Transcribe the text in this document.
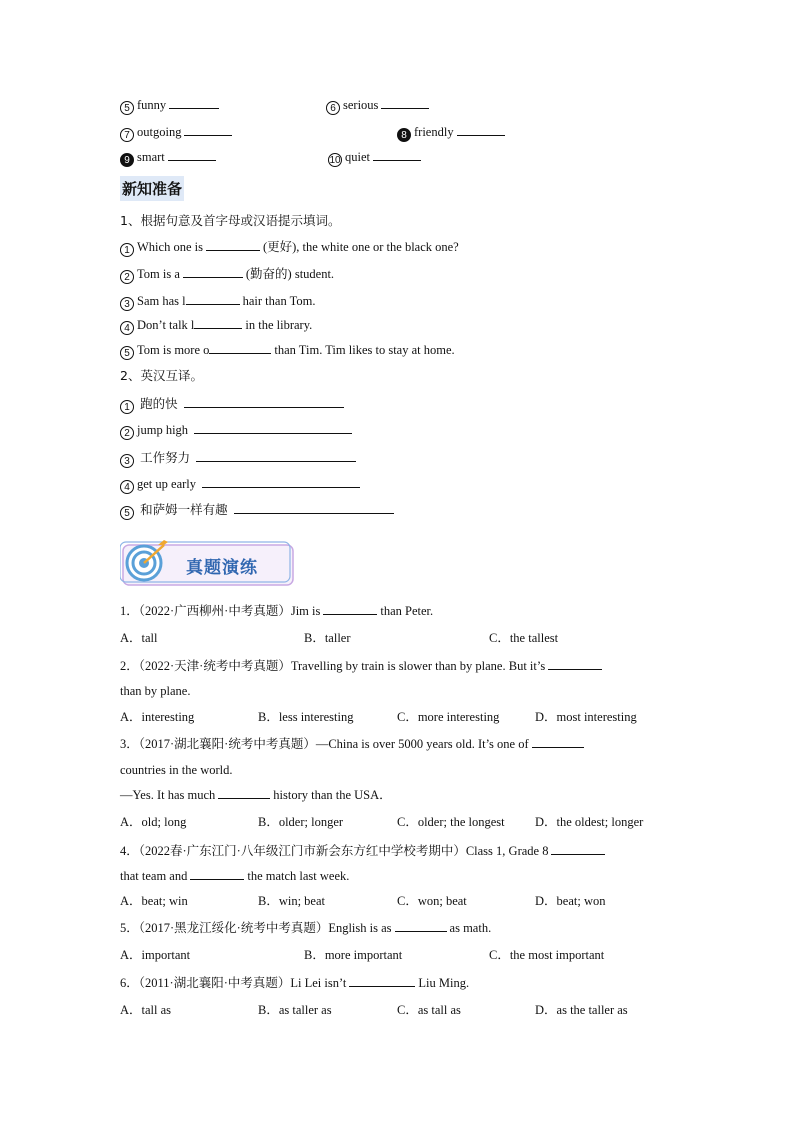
5 funny	6 serious
7 outgoing	8 friendly
9 smart	10 quiet
新知准备
1、根据句意及首字母或汉语提示填词。
1 Which one is	(更好), the white one or the black one?
2 Tom is a	(勤奋的) student.
3 Sam has l	hair than Tom.
4 Don’t talk l	in the library.
5 Tom is more o	than Tim. Tim likes to stay at home.
2、英汉互译。
1 跑的快
2 jump high
3 工作努力
4 get up early
5 和萨姆一样有趣
真题演练
1．（2022·广西柳州·中考真题）Jim is	than Peter.
A．tall	B．taller	C．the tallest
2．（2022·天津·统考中考真题）Travelling by train is slower than by plane. But it’s
than by plane.
A．interesting	B．less interesting	C．more interesting	D．most interesting
3．（2017·湖北襄阳·统考中考真题）—China is over 5000 years old. It’s one of
countries in the world.
—Yes. It has much	history than the USA．
A．old; long	B．older; longer	C．older; the longest D．the oldest; longer
4．（2022春·广东江门·八年级江门市新会东方红中学校考期中）Class 1, Grade 8
that team and	the match last week.
A．beat; win	B．win; beat	C．won; beat	D．beat; won
5．（2017·黑龙江绥化·统考中考真题）English is as	as math.
A．important	B．more important	C．the most important
6．（2011·湖北襄阳·中考真题）Li Lei isn’t	Liu Ming.
A．tall as	B．as taller as	C．as tall as	D．as the taller as
